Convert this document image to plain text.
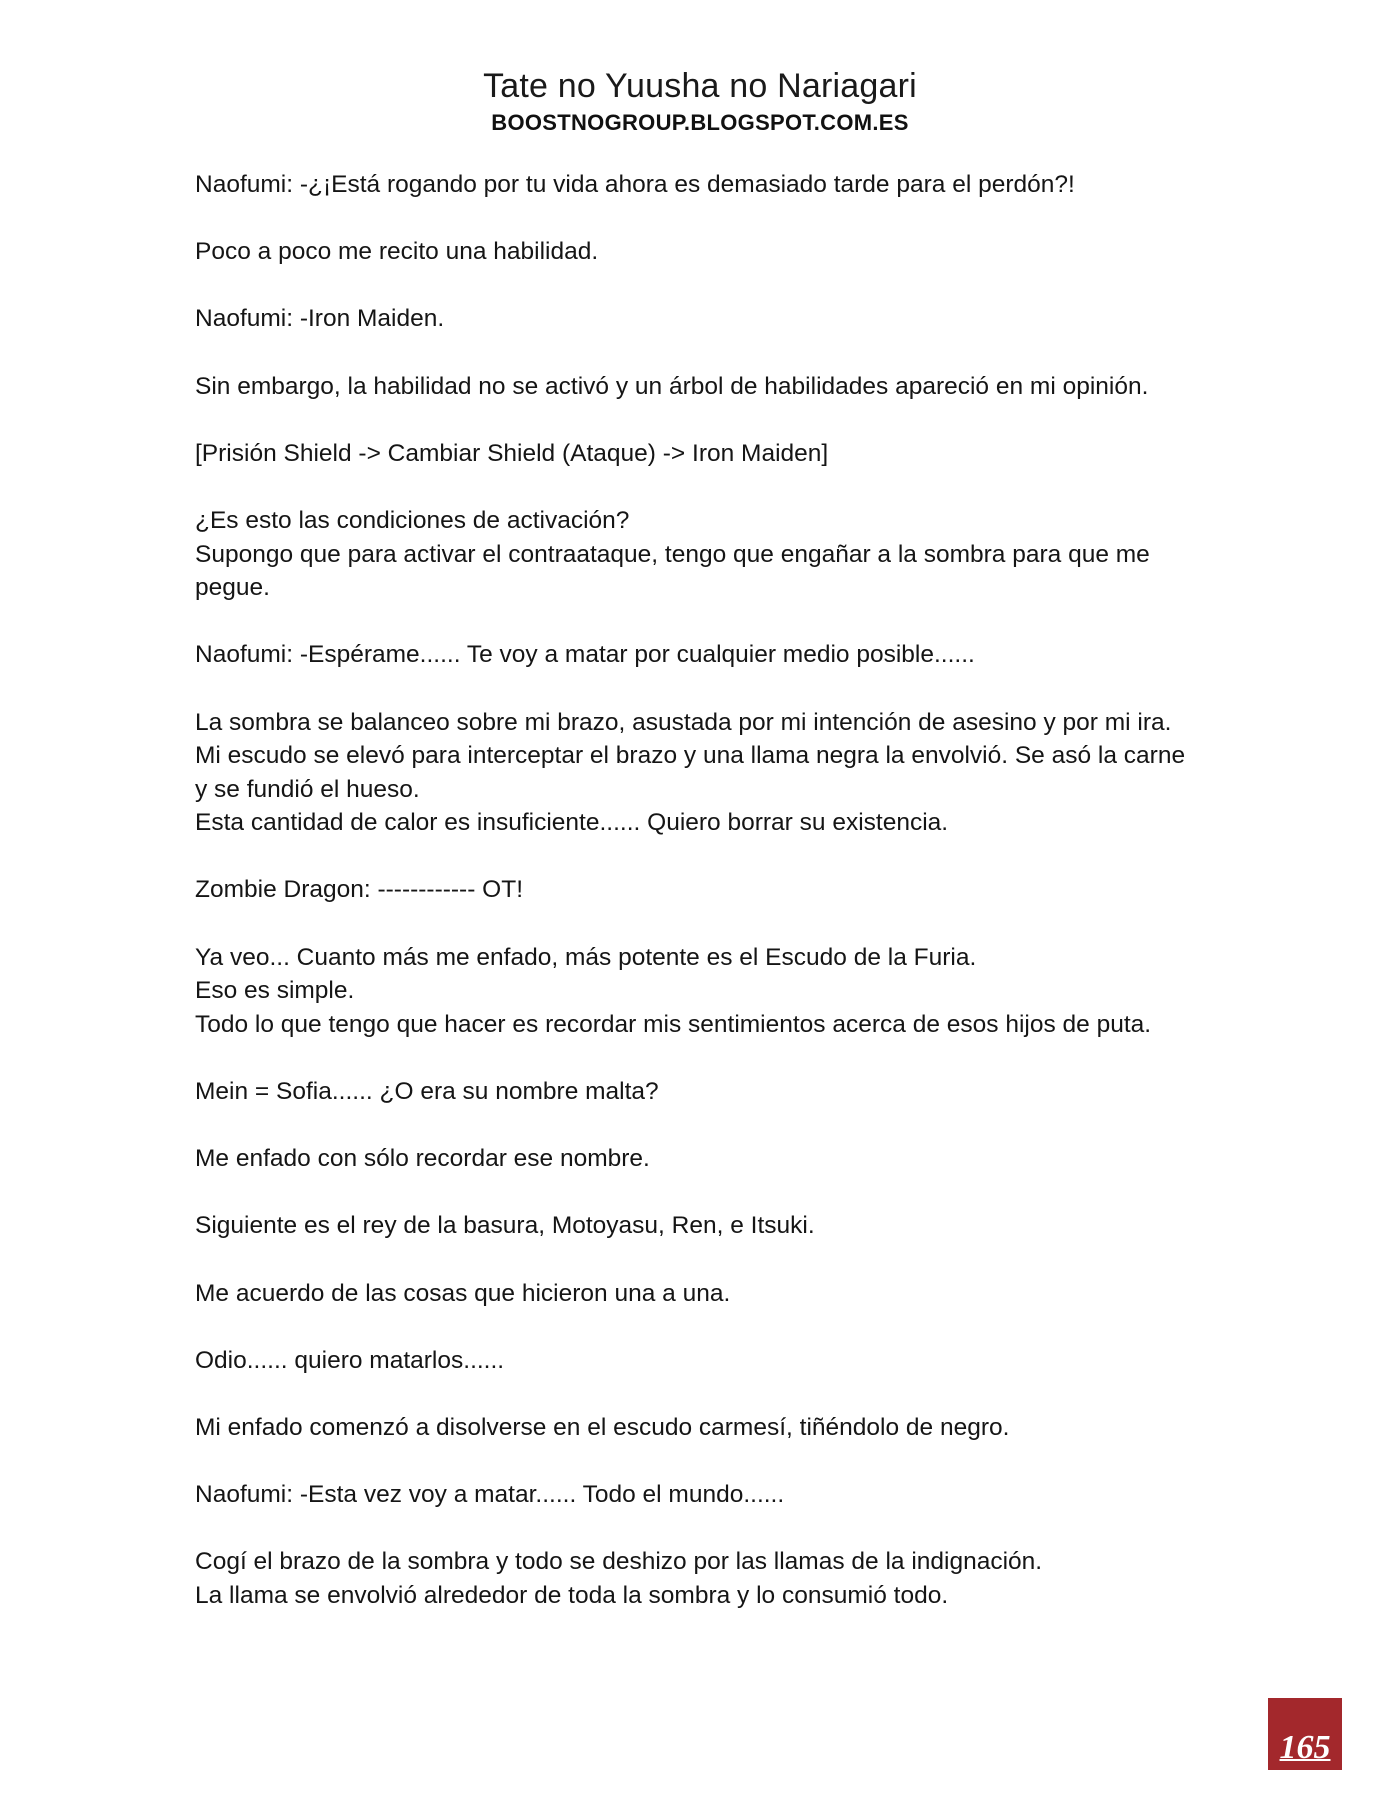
Tate no Yuusha no Nariagari
BOOSTNOGROUP.BLOGSPOT.COM.ES
Naofumi: -¿¡Está rogando por tu vida ahora es demasiado tarde para el perdón?!
Poco a poco me recito una habilidad.
Naofumi: -Iron Maiden.
Sin embargo, la habilidad no se activó y un árbol de habilidades apareció en mi opinión.
[Prisión Shield -> Cambiar Shield (Ataque) -> Iron Maiden]
¿Es esto las condiciones de activación?
Supongo que para activar el contraataque, tengo que engañar a la sombra para que me
pegue.
Naofumi: -Espérame...... Te voy a matar por cualquier medio posible......
La sombra se balanceo sobre mi brazo, asustada por mi intención de asesino y por mi ira.
Mi escudo se elevó para interceptar el brazo y una llama negra la envolvió. Se asó la carne
y se fundió el hueso.
Esta cantidad de calor es insuficiente...... Quiero borrar su existencia.
Zombie Dragon: ------------ OT!
Ya veo... Cuanto más me enfado, más potente es el Escudo de la Furia.
Eso es simple.
Todo lo que tengo que hacer es recordar mis sentimientos acerca de esos hijos de puta.
Mein = Sofia...... ¿O era su nombre malta?
Me enfado con sólo recordar ese nombre.
Siguiente es el rey de la basura, Motoyasu, Ren, e Itsuki.
Me acuerdo de las cosas que hicieron una a una.
Odio...... quiero matarlos......
Mi enfado comenzó a disolverse en el escudo carmesí, tiñéndolo de negro.
Naofumi: -Esta vez voy a matar...... Todo el mundo......
Cogí el brazo de la sombra y todo se deshizo por las llamas de la indignación.
La llama se envolvió alrededor de toda la sombra y lo consumió todo.
165
